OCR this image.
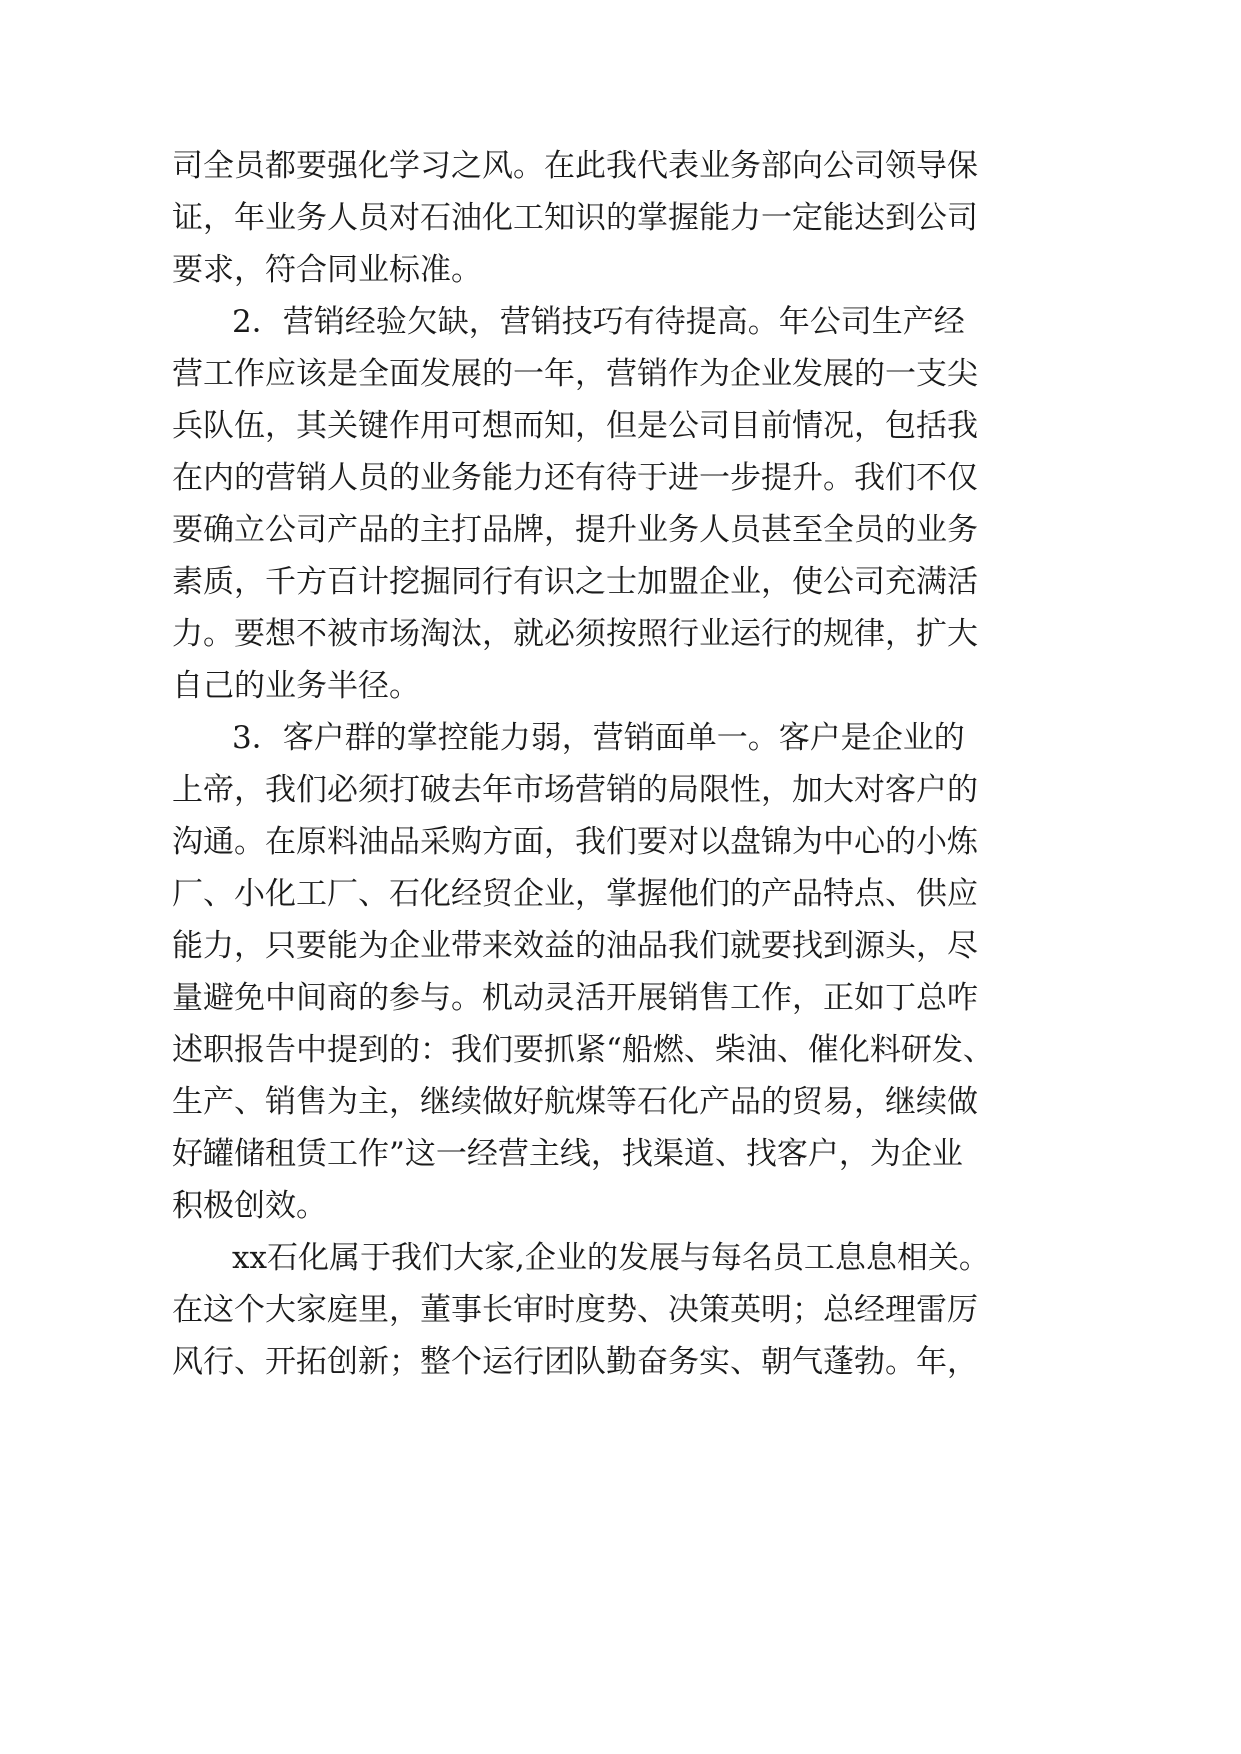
司全员都要强化学习之风。在此我代表业务部向公司领导保
证，年业务人员对石油化工知识的掌握能力一定能达到公司
要求，符合同业标准。
2．营销经验欠缺，营销技巧有待提高。年公司生产经
营工作应该是全面发展的一年，营销作为企业发展的一支尖
兵队伍，其关键作用可想而知，但是公司目前情况，包括我
在内的营销人员的业务能力还有待于进一步提升。我们不仅
要确立公司产品的主打品牌，提升业务人员甚至全员的业务
素质，千方百计挖掘同行有识之士加盟企业，使公司充满活
力。要想不被市场淘汰，就必须按照行业运行的规律，扩大
自己的业务半径。
3．客户群的掌控能力弱，营销面单一。客户是企业的
上帝，我们必须打破去年市场营销的局限性，加大对客户的
沟通。在原料油品采购方面，我们要对以盘锦为中心的小炼
厂、小化工厂、石化经贸企业，掌握他们的产品特点、供应
能力，只要能为企业带来效益的油品我们就要找到源头，尽
量避免中间商的参与。机动灵活开展销售工作，正如丁总咋
述职报告中提到的：我们要抓紧“船燃、柴油、催化料研发、
生产、销售为主，继续做好航煤等石化产品的贸易，继续做
好罐储租赁工作”这一经营主线，找渠道、找客户，为企业
积极创效。
xx石化属于我们大家,企业的发展与每名员工息息相关。
在这个大家庭里，董事长审时度势、决策英明；总经理雷厉
风行、开拓创新；整个运行团队勤奋务实、朝气蓬勃。年，
